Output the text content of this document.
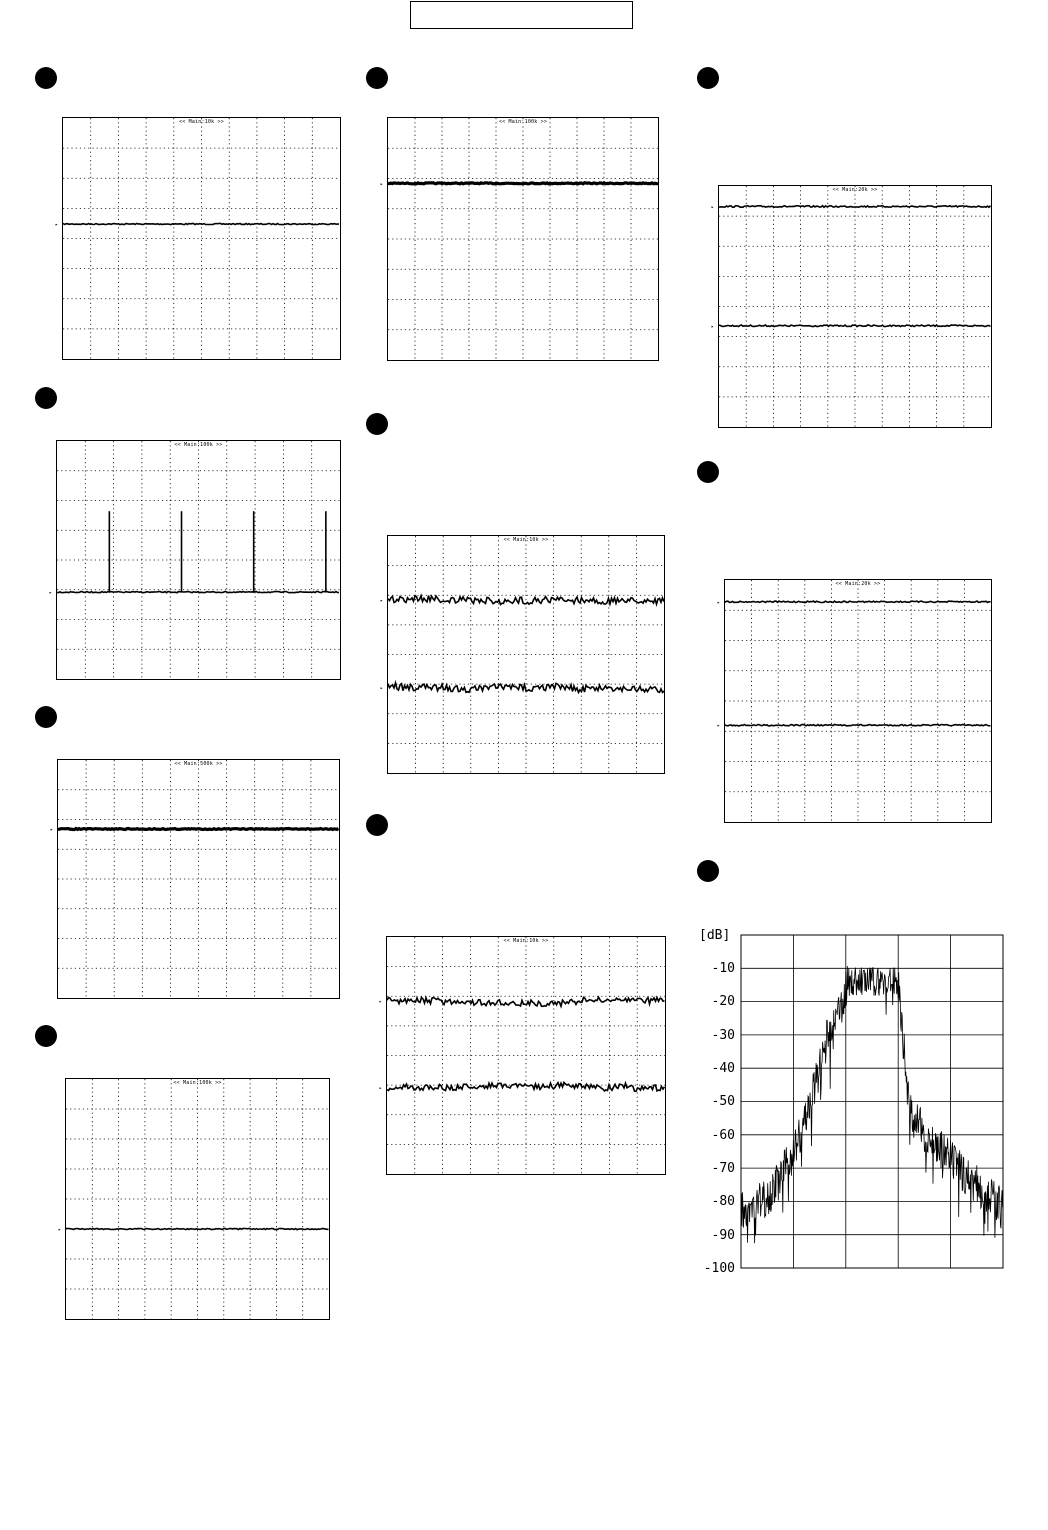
<< Main:10k >>
▸
<< Main:100k >>
▸
<< Main:20k >>
▸
▸
<< Main:100k >>
▸
<< Main:10k >>
▸
▸
<< Main:20k >>
▸
▸
<< Main:500k >>
▸
<< Main:10k >>
▸
▸
<< Main:100k >>
▸
[dB]
-10
-20
-30
-40
-50
-60
-70
-80
-90
-100
